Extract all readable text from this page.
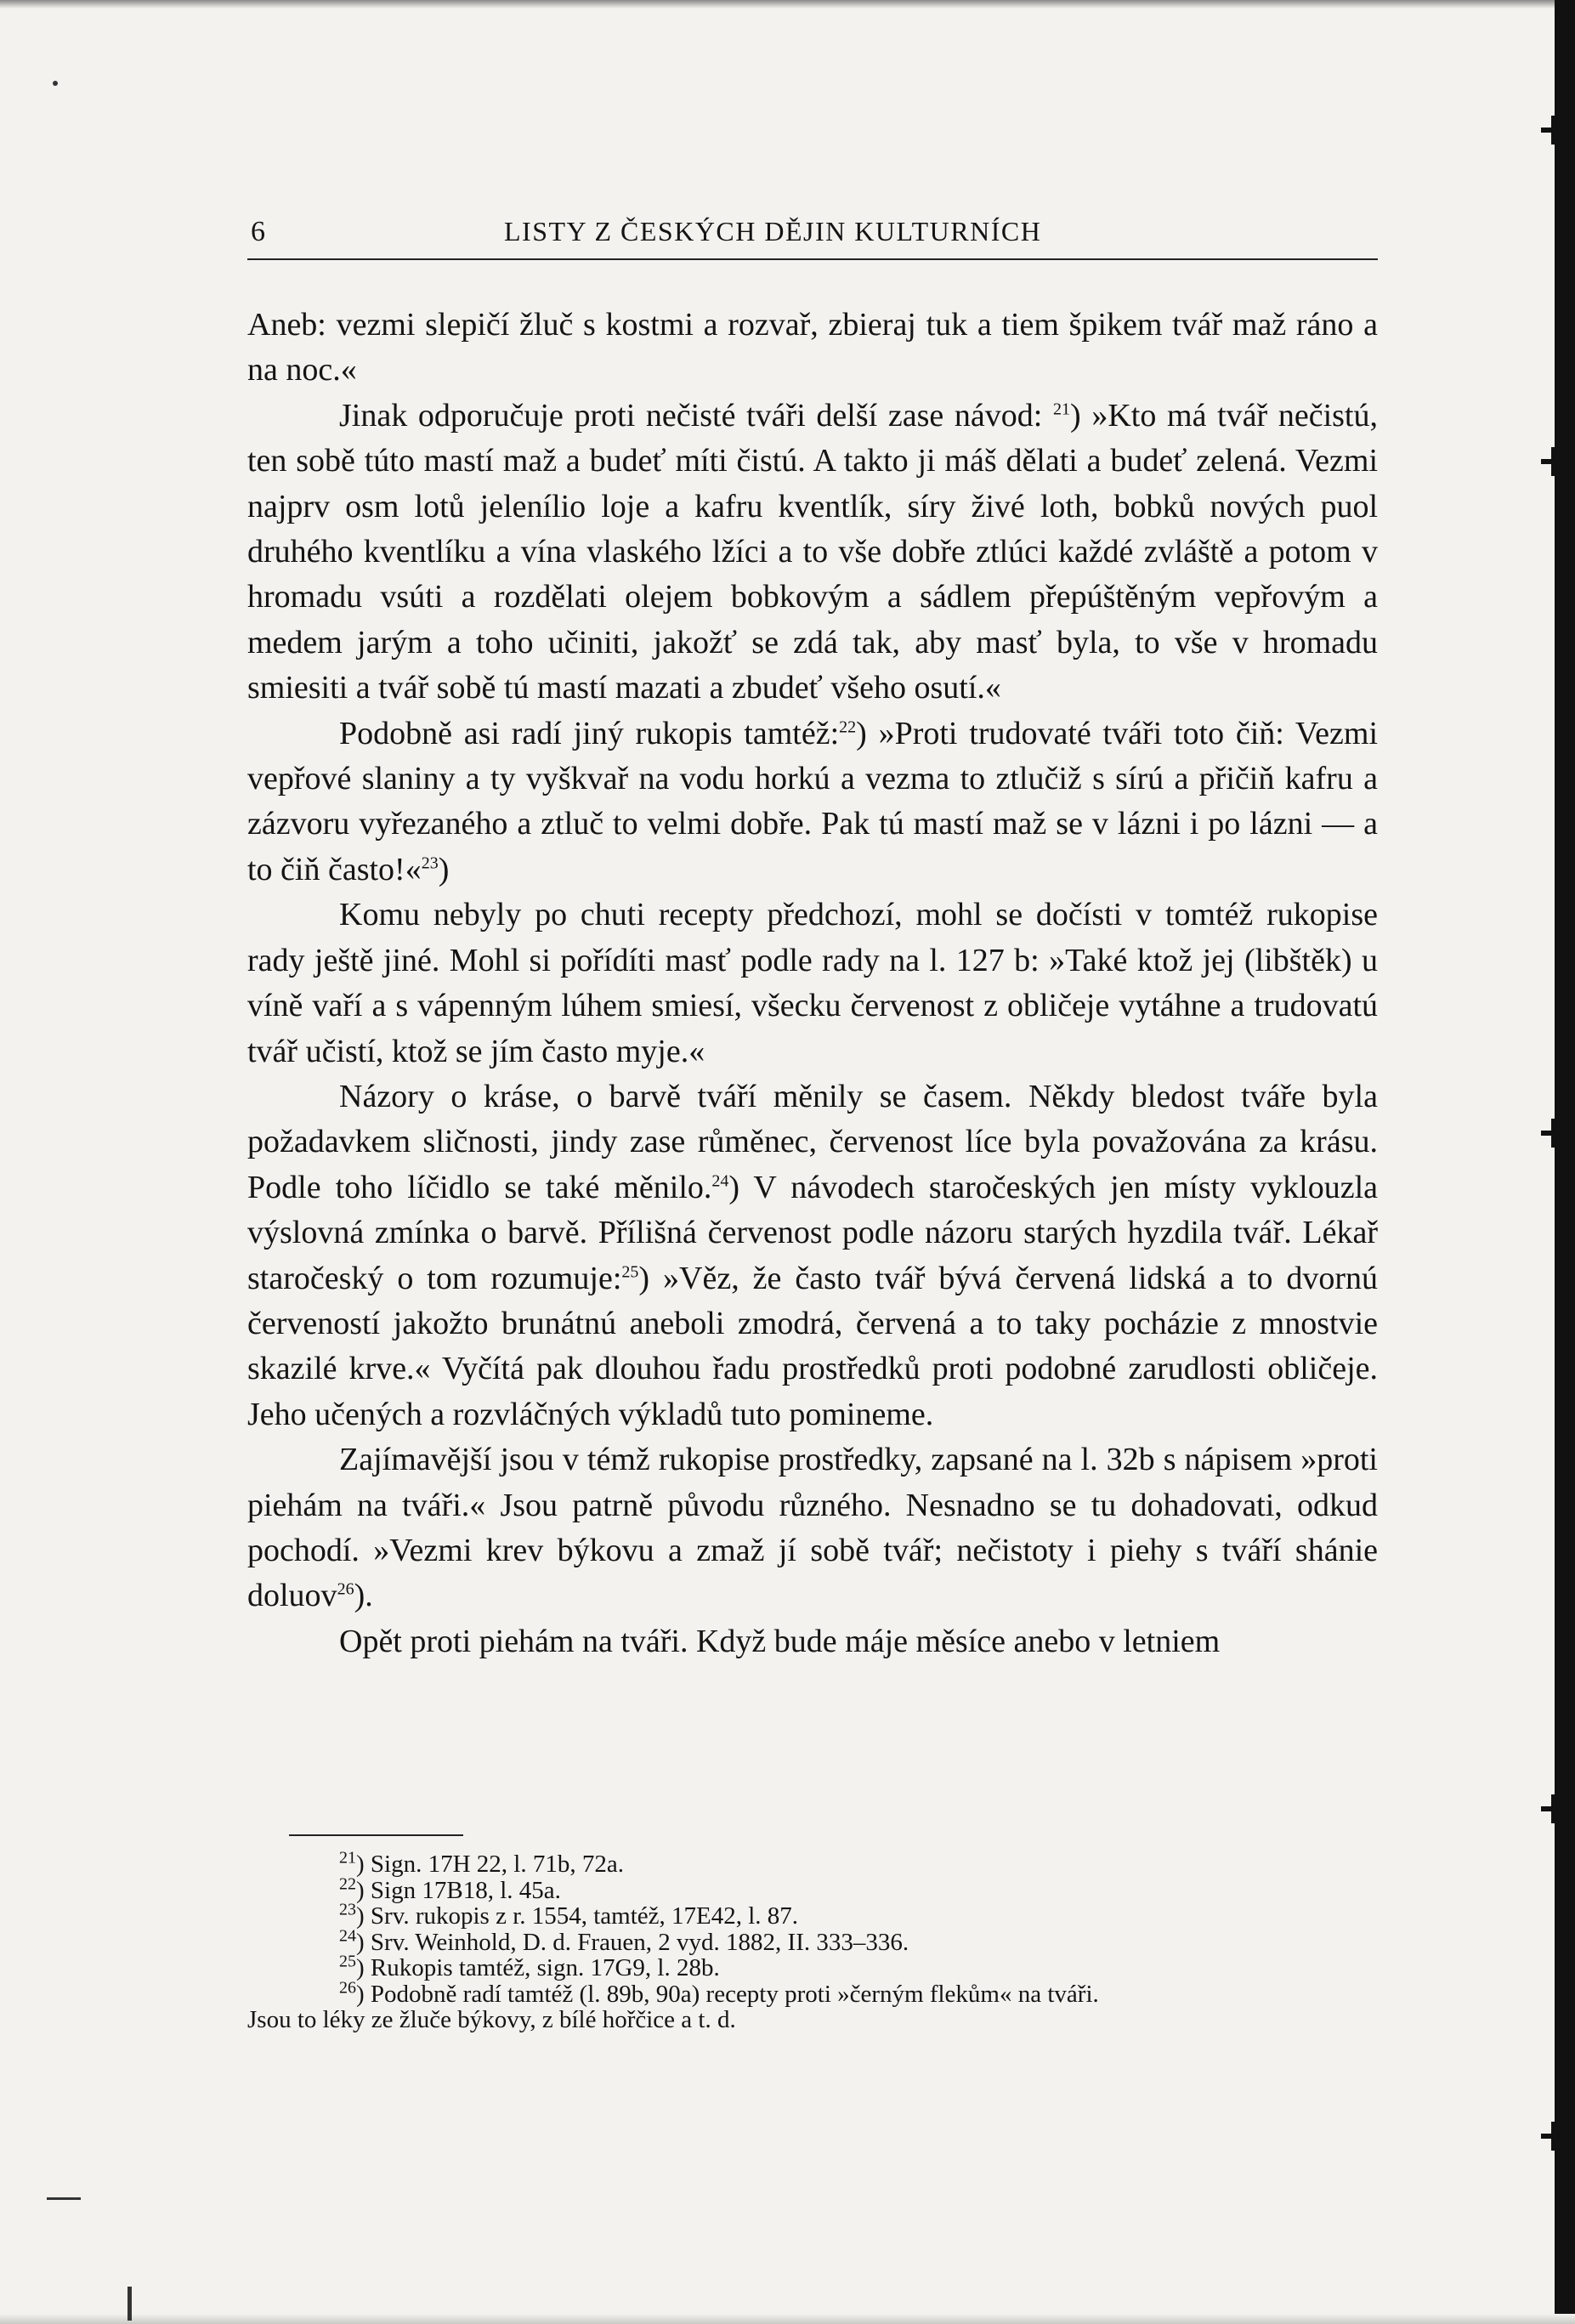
6	LISTY Z ČESKÝCH DĚJIN KULTURNÍCH

Aneb: vezmi slepičí žluč s kostmi a rozvař, zbieraj tuk a tiem špikem tvář maž ráno a na noc.«

Jinak odporučuje proti nečisté tváři delší zase návod: $^{21}$) »Kto má tvář nečistú, ten sobě túto mastí maž a budeť míti čistú. A takto ji máš dělati a budeť zelená. Vezmi najprv osm lotů jelenílio loje a kafru kventlík, síry živé loth, bobků nových puol druhého kventlíku a vína vlaského lžíci a to vše dobře ztlúci každé zvláště a potom v hromadu vsúti a rozdělati olejem bobkovým a sádlem přepúštěným vepřovým a medem jarým a toho učiniti, jakožť se zdá tak, aby masť byla, to vše v hromadu smiesiti a tvář sobě tú mastí mazati a zbudeť všeho osutí.«

Podobně asi radí jiný rukopis tamtéž:$^{22}$) »Proti trudovaté tváři toto čiň: Vezmi vepřové slaniny a ty vyškvař na vodu horkú a vezma to ztlučiž s sírú a přičiň kafru a zázvoru vyřezaného a ztluč to velmi dobře. Pak tú mastí maž se v lázni i po lázni — a to čiň často!«$^{23}$)

Komu nebyly po chuti recepty předchozí, mohl se dočísti v tomtéž rukopise rady ještě jiné. Mohl si pořídíti masť podle rady na l. 127 b: »Také ktož jej (libštěk) u víně vaří a s vápenným lúhem smiesí, všecku červenost z obličeje vytáhne a trudovatú tvář učistí, ktož se jím často myje.«

Názory o kráse, o barvě tváří měnily se časem. Někdy bledost tváře byla požadavkem sličnosti, jindy zase růměnec, červenost líce byla považována za krásu. Podle toho líčidlo se také měnilo.$^{24}$) V návodech staročeských jen místy vyklouzla výslovná zmínka o barvě. Přílišná červenost podle názoru starých hyzdila tvář. Lékař staročeský o tom rozumuje:$^{25}$) »Věz, že často tvář bývá červená lidská a to dvornú červeností jakožto brunátnú aneboli zmodrá, červená a to taky pocházie z mnostvie skazilé krve.« Vyčítá pak dlouhou řadu prostředků proti podobné zarudlosti obličeje. Jeho učených a rozvláčných výkladů tuto pomineme.

Zajímavější jsou v témž rukopise prostředky, zapsané na l. 32b s nápisem »proti piehám na tváři.« Jsou patrně původu různého. Nesnadno se tu dohadovati, odkud pochodí. »Vezmi krev býkovu a zmaž jí sobě tvář; nečistoty i piehy s tváří shánie doluov$^{26}$).

Opět proti piehám na tváři. Když bude máje měsíce anebo v letniem

$^{21}$) Sign. 17H 22, l. 71b, 72a.

$^{22}$) Sign 17B18, l. 45a.

$^{23}$) Srv. rukopis z r. 1554, tamtéž, 17E42, l. 87.

$^{24}$) Srv. Weinhold, D. d. Frauen, 2 vyd. 1882, II. 333–336.

$^{25}$) Rukopis tamtéž, sign. 17G9, l. 28b.

$^{26}$) Podobně radí tamtéž (l. 89b, 90a) recepty proti »černým flekům« na tváři.

Jsou to léky ze žluče býkovy, z bílé hořčice a t. d.
